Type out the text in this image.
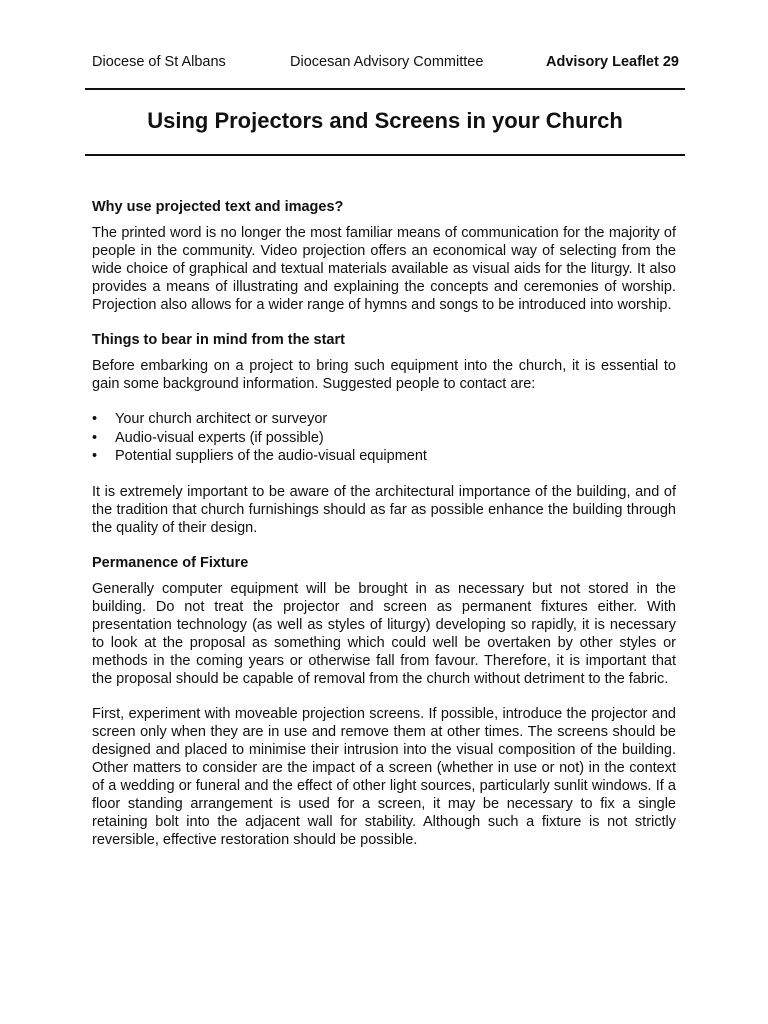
Diocese of St Albans	Diocesan Advisory Committee	Advisory Leaflet 29
Using Projectors and Screens in your Church
Why use projected text and images?

The printed word is no longer the most familiar means of communication for the majority of people in the community. Video projection offers an economical way of selecting from the wide choice of graphical and textual materials available as visual aids for the liturgy. It also provides a means of illustrating and explaining the concepts and ceremonies of worship. Projection also allows for a wider range of hymns and songs to be introduced into worship.

Things to bear in mind from the start

Before embarking on a project to bring such equipment into the church, it is essential to gain some background information. Suggested people to contact are:

• Your church architect or surveyor
• Audio-visual experts (if possible)
• Potential suppliers of the audio-visual equipment

It is extremely important to be aware of the architectural importance of the building, and of the tradition that church furnishings should as far as possible enhance the building through the quality of their design.

Permanence of Fixture

Generally computer equipment will be brought in as necessary but not stored in the building. Do not treat the projector and screen as permanent fixtures either. With presentation technology (as well as styles of liturgy) developing so rapidly, it is necessary to look at the proposal as something which could well be overtaken by other styles or methods in the coming years or otherwise fall from favour. Therefore, it is important that the proposal should be capable of removal from the church without detriment to the fabric.

First, experiment with moveable projection screens. If possible, introduce the projector and screen only when they are in use and remove them at other times. The screens should be designed and placed to minimise their intrusion into the visual composition of the building. Other matters to consider are the impact of a screen (whether in use or not) in the context of a wedding or funeral and the effect of other light sources, particularly sunlit windows. If a floor standing arrangement is used for a screen, it may be necessary to fix a single retaining bolt into the adjacent wall for stability. Although such a fixture is not strictly reversible, effective restoration should be possible.
